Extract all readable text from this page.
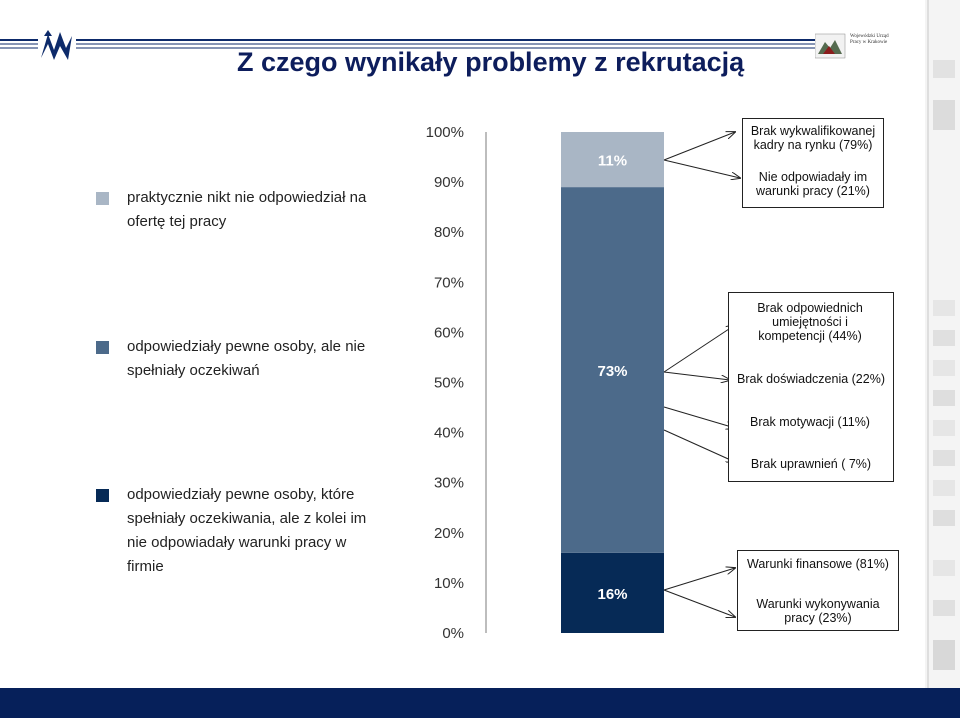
Wojewódzki Urząd Pracy w Krakowie
Z czego wynikały problemy z rekrutacją
praktycznie nikt nie odpowiedział na ofertę tej pracy
odpowiedziały pewne osoby, ale nie spełniały oczekiwań
odpowiedziały pewne osoby, które spełniały oczekiwania, ale z kolei im nie odpowiadały warunki pracy w firmie
0%
10%
20%
30%
40%
50%
60%
70%
80%
90%
100%
16%
73%
11%
Brak wykwalifikowanej kadry na rynku (79%)
Nie odpowiadały im warunki pracy (21%)
Brak odpowiednich umiejętności i kompetencji (44%)
Brak doświadczenia (22%)
Brak motywacji (11%)
Brak uprawnień ( 7%)
Warunki finansowe (81%)
Warunki wykonywania pracy (23%)
